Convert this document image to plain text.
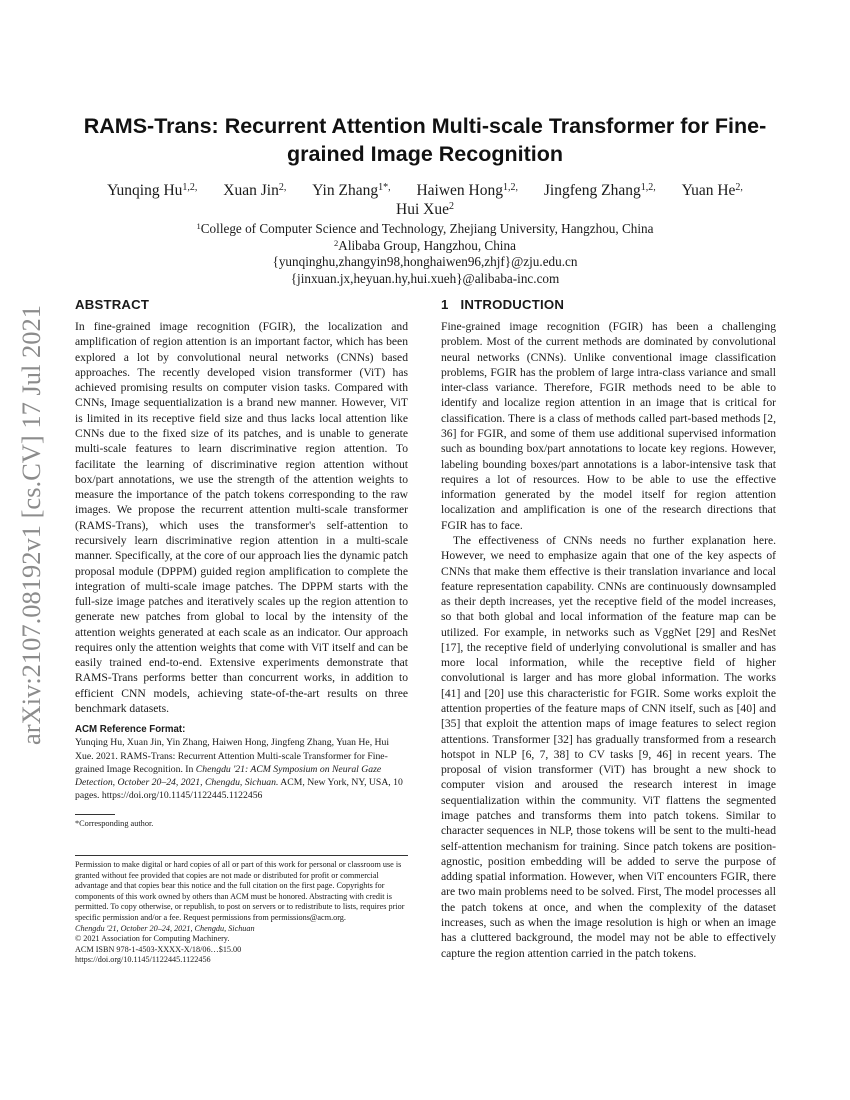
arXiv:2107.08192v1 [cs.CV] 17 Jul 2021
RAMS-Trans: Recurrent Attention Multi-scale Transformer for Fine-grained Image Recognition
Yunqing $Hu^{1,2,}$ Xuan Jin$^{2,}$ Yin Zhang$^{1*,}$ Haiwen Hong$^{1,2,}$ Jingfeng Zhang$^{1,2,}$ Yuan $He^{2,}$ Hui Xue$^2$
$^1$College of Computer Science and Technology, Zhejiang University, Hangzhou, China
$^2$Alibaba Group, Hangzhou, China
{yunqinghu,zhangyin98,honghaiwen96,zhjf}@zju.edu.cn
{jinxuan.jx,heyuan.hy,hui.xueh}@alibaba-inc.com
ABSTRACT

In fine-grained image recognition (FGIR), the localization and amplification of region attention is an important factor, which has been explored a lot by convolutional neural networks (CNNs) based approaches. The recently developed vision transformer (ViT) has achieved promising results on computer vision tasks. Compared with CNNs, Image sequentialization is a brand new manner. However, ViT is limited in its receptive field size and thus lacks local attention like CNNs due to the fixed size of its patches, and is unable to generate multi-scale features to learn discriminative region attention. To facilitate the learning of discriminative region attention without box/part annotations, we use the strength of the attention weights to measure the importance of the patch tokens corresponding to the raw images. We propose the recurrent attention multi-scale transformer (RAMS-Trans), which uses the transformer's self-attention to recursively learn discriminative region attention in a multi-scale manner. Specifically, at the core of our approach lies the dynamic patch proposal module (DPPM) guided region amplification to complete the integration of multi-scale image patches. The DPPM starts with the full-size image patches and iteratively scales up the region attention to generate new patches from global to local by the intensity of the attention weights generated at each scale as an indicator. Our approach requires only the attention weights that come with ViT itself and can be easily trained end-to-end. Extensive experiments demonstrate that RAMS-Trans performs better than concurrent works, in addition to efficient CNN models, achieving state-of-the-art results on three benchmark datasets.

ACM Reference Format:
Yunqing Hu, Xuan Jin, Yin Zhang, Haiwen Hong, Jingfeng Zhang, Yuan He, Hui Xue. 2021. RAMS-Trans: Recurrent Attention Multi-scale Transformer for Fine-grained Image Recognition. In Chengdu '21: ACM Symposium on Neural Gaze Detection, October 20–24, 2021, Chengdu, Sichuan. ACM, New York, NY, USA, 10 pages. https://doi.org/10.1145/1122445.1122456
*Corresponding author.
Permission to make digital or hard copies of all or part of this work for personal or classroom use is granted without fee provided that copies are not made or distributed for profit or commercial advantage and that copies bear this notice and the full citation on the first page. Copyrights for components of this work owned by others than ACM must be honored. Abstracting with credit is permitted. To copy otherwise, or republish, to post on servers or to redistribute to lists, requires prior specific permission and/or a fee. Request permissions from permissions@acm.org.
Chengdu '21, October 20–24, 2021, Chengdu, Sichuan
© 2021 Association for Computing Machinery.
ACM ISBN 978-1-4503-XXXX-X/18/06…$15.00
https://doi.org/10.1145/1122445.1122456
1 INTRODUCTION

Fine-grained image recognition (FGIR) has been a challenging problem. Most of the current methods are dominated by convolutional neural networks (CNNs). Unlike conventional image classification problems, FGIR has the problem of large intra-class variance and small inter-class variance. Therefore, FGIR methods need to be able to identify and localize region attention in an image that is critical for classification. There is a class of methods called part-based methods [2, 36] for FGIR, and some of them use additional supervised information such as bounding box/part annotations to locate key regions. However, labeling bounding boxes/part annotations is a labor-intensive task that requires a lot of resources. How to be able to use the effective information generated by the model itself for region attention localization and amplification is one of the research directions that FGIR has to face.

The effectiveness of CNNs needs no further explanation here. However, we need to emphasize again that one of the key aspects of CNNs that make them effective is their translation invariance and local feature representation capability. CNNs are continuously downsampled as their depth increases, yet the receptive field of the model increases, so that both global and local information of the feature map can be utilized. For example, in networks such as VggNet [29] and ResNet [17], the receptive field of underlying convolutional is smaller and has more local information, while the receptive field of higher convolutional is larger and has more global information. The works [41] and [20] use this characteristic for FGIR. Some works exploit the attention properties of the feature maps of CNN itself, such as [40] and [35] that exploit the attention maps of image features to select region attentions. Transformer [32] has gradually transformed from a research hotspot in NLP [6, 7, 38] to CV tasks [9, 46] in recent years. The proposal of vision transformer (ViT) has brought a new shock to computer vision and aroused the research interest in image sequentialization within the community. ViT flattens the segmented image patches and transforms them into patch tokens. Similar to character sequences in NLP, those tokens will be sent to the multi-head self-attention mechanism for training. Since patch tokens are position-agnostic, position embedding will be added to serve the purpose of adding spatial information. However, when ViT encounters FGIR, there are two main problems need to be solved. First, The model processes all the patch tokens at once, and when the complexity of the dataset increases, such as when the image resolution is high or when an image has a cluttered background, the model may not be able to effectively capture the region attention carried in the patch tokens.
